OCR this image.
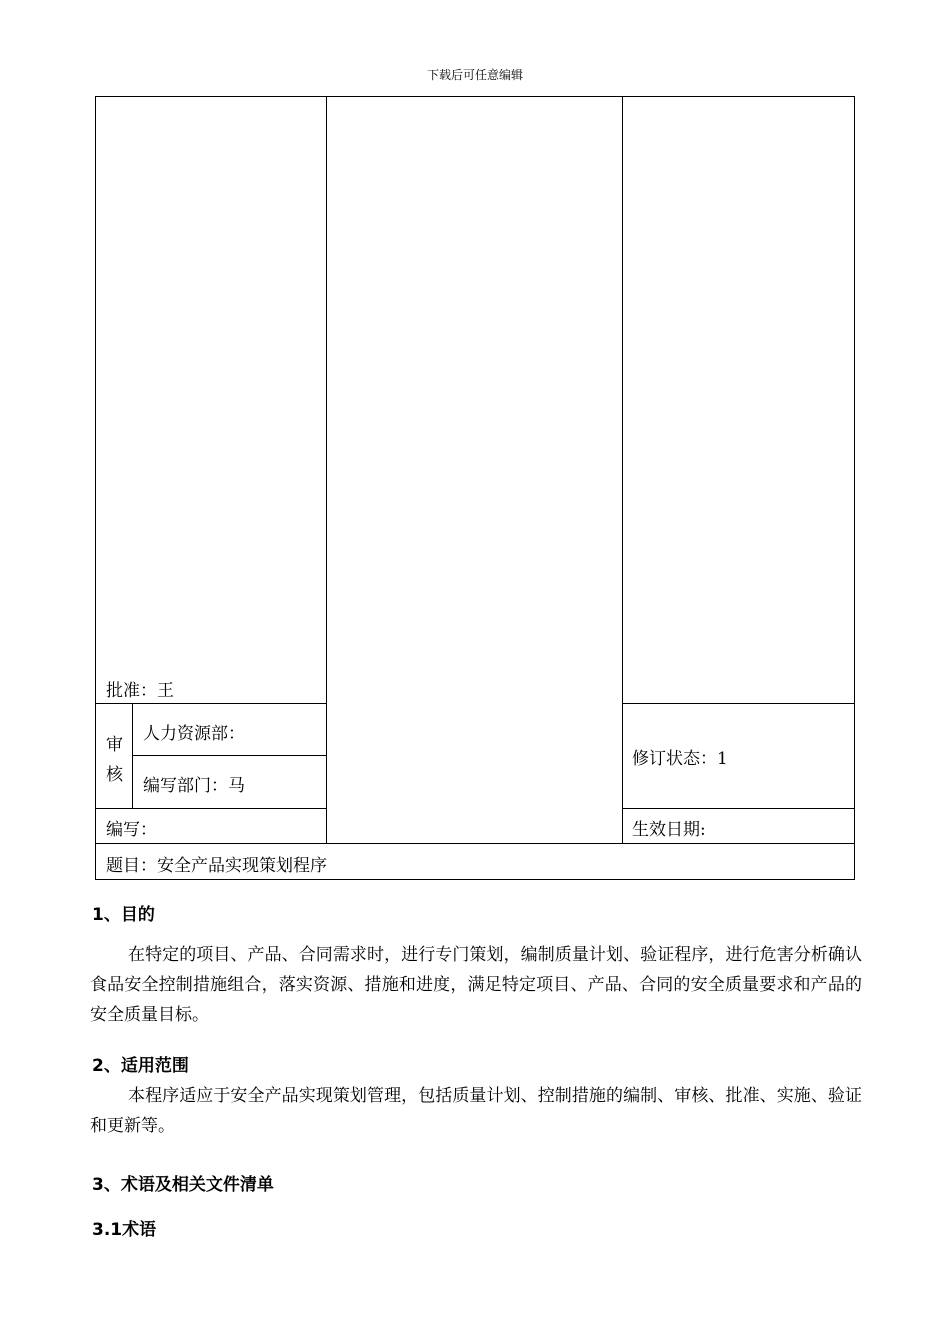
下载后可任意编辑
批准：王
审
核
人力资源部：
编写部门：马
修订状态：1
编写：	生效日期:
题目：安全产品实现策划程序
1、目的
在特定的项目、产品、合同需求时，进行专门策划，编制质量计划、验证程序，进行危害分析确认食品安全控制措施组合，落实资源、措施和进度，满足特定项目、产品、合同的安全质量要求和产品的安全质量目标。
2、适用范围
本程序适应于安全产品实现策划管理，包括质量计划、控制措施的编制、审核、批准、实施、验证和更新等。
3、术语及相关文件清单
3.1术语
